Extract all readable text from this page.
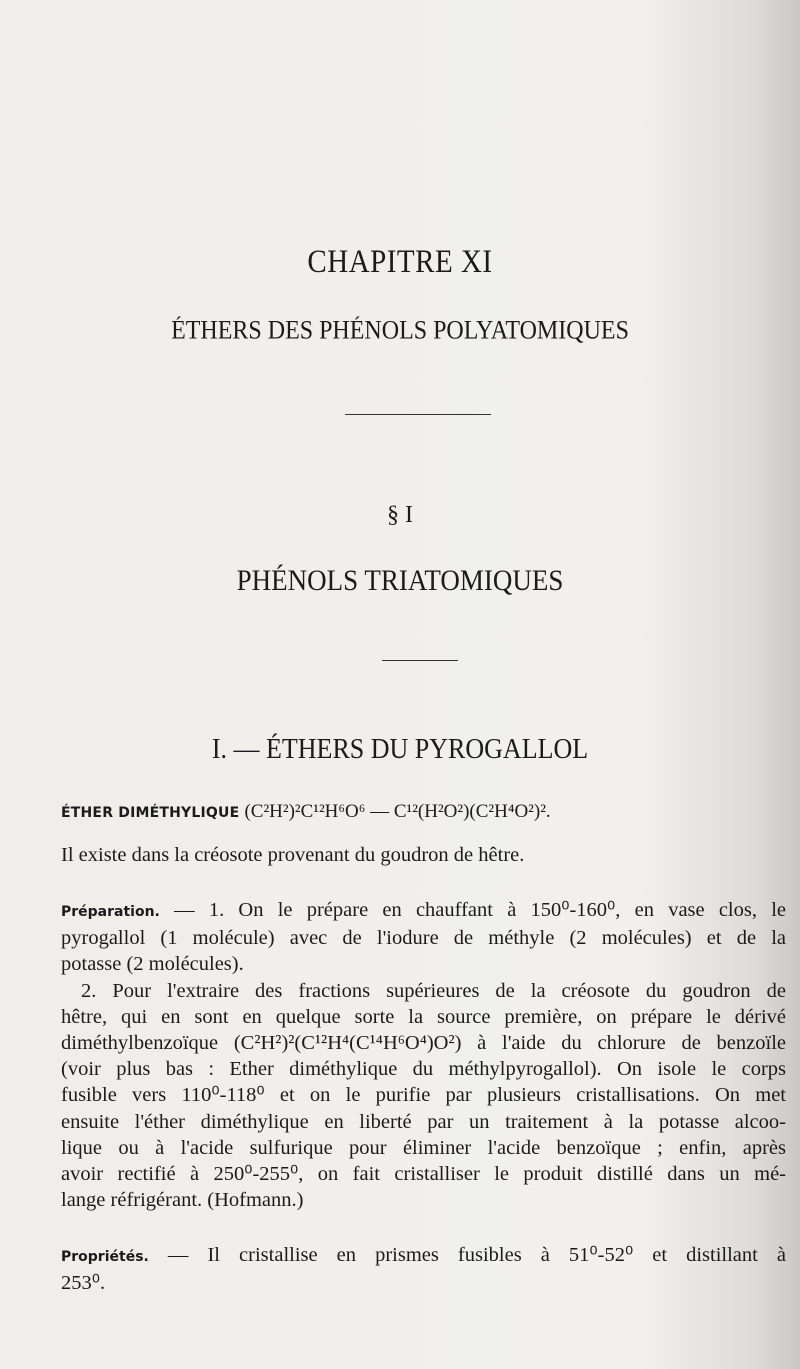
CHAPITRE XI
ÉTHERS DES PHÉNOLS POLYATOMIQUES
§ I
PHÉNOLS TRIATOMIQUES
I. — ÉTHERS DU PYROGALLOL
ÉTHER DIMÉTHYLIQUE (C²H²)²C¹²H⁶O⁶ — C¹²(H²O²)(C²H⁴O²)².
Il existe dans la créosote provenant du goudron de hêtre.
Préparation. — 1. On le prépare en chauffant à 150⁰-160⁰, en vase clos, le
pyrogallol (1 molécule) avec de l'iodure de méthyle (2 molécules) et de la
potasse (2 molécules).
2. Pour l'extraire des fractions supérieures de la créosote du goudron de
hêtre, qui en sont en quelque sorte la source première, on prépare le dérivé
diméthylbenzoïque (C²H²)²(C¹²H⁴(C¹⁴H⁶O⁴)O²) à l'aide du chlorure de benzoïle
(voir plus bas : Ether diméthylique du méthylpyrogallol). On isole le corps
fusible vers 110⁰-118⁰ et on le purifie par plusieurs cristallisations. On met
ensuite l'éther diméthylique en liberté par un traitement à la potasse alcoo-
lique ou à l'acide sulfurique pour éliminer l'acide benzoïque ; enfin, après
avoir rectifié à 250⁰-255⁰, on fait cristalliser le produit distillé dans un mé-
lange réfrigérant. (Hofmann.)
Propriétés. — Il cristallise en prismes fusibles à 51⁰-52⁰ et distillant à
253⁰.
